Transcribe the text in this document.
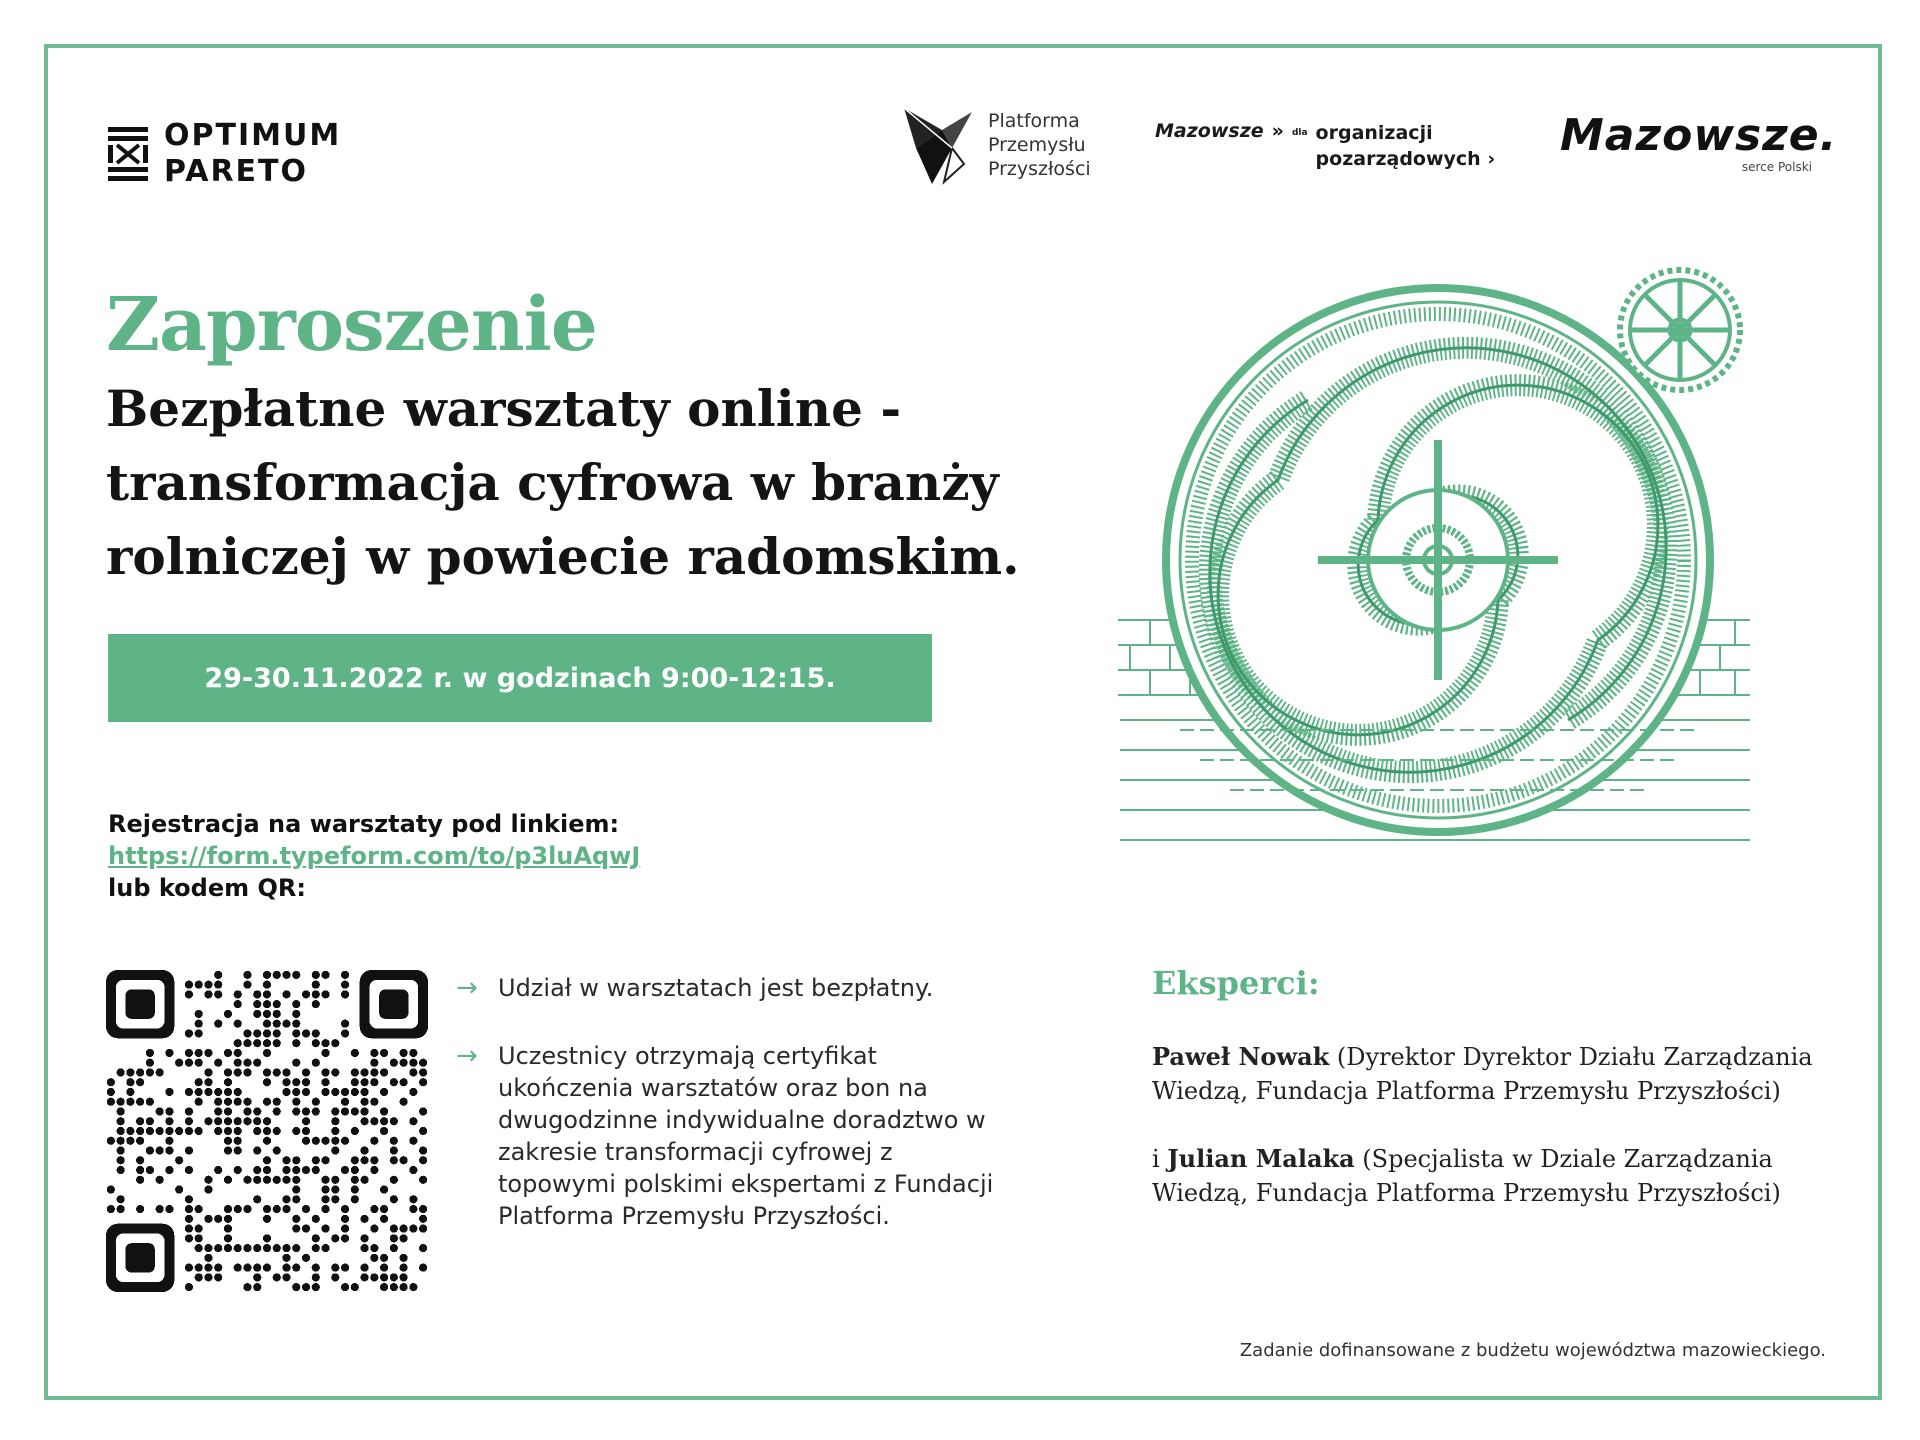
OPTIMUM
PARETO
Platforma
Przemysłu
Przyszłości
Mazowsze » dla organizacji
pozarządowych › Mazowsze.
serce Polski
Zaproszenie
Bezpłatne warsztaty online -
transformacja cyfrowa w branży
rolniczej w powiecie radomskim.
29-30.11.2022 r. w godzinach 9:00-12:15.
Rejestracja na warsztaty pod linkiem:
https://form.typeform.com/to/p3luAqwJ
lub kodem QR:
→ Udział w warsztatach jest bezpłatny.
→ Uczestnicy otrzymają certyfikat ukończenia warsztatów oraz bon na dwugodzinne indywidualne doradztwo w zakresie transformacji cyfrowej z topowymi polskimi ekspertami z Fundacji Platforma Przemysłu Przyszłości.
Eksperci:

Paweł Nowak (Dyrektor Dyrektor Działu Zarządzania Wiedzą, Fundacja Platforma Przemysłu Przyszłości)

i Julian Malaka (Specjalista w Dziale Zarządzania Wiedzą, Fundacja Platforma Przemysłu Przyszłości)

Zadanie dofinansowane z budżetu województwa mazowieckiego.
